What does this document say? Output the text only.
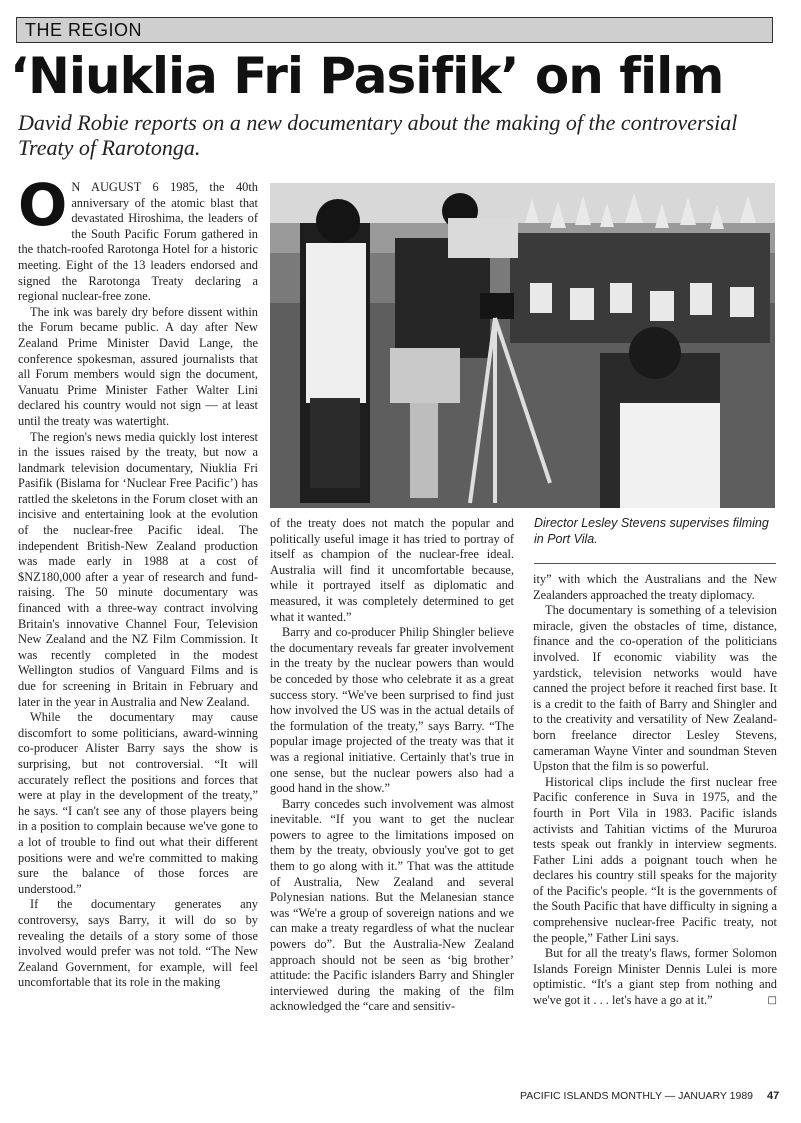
THE REGION
‘Niuklia Fri Pasifik’ on film

David Robie reports on a new documentary about the making of the controversial Treaty of Rarotonga.

O N AUGUST 6 1985, the 40th anniversary of the atomic blast that devastated Hiroshima, the leaders of the South Pacific Forum gathered in the thatch-roofed Rarotonga Hotel for a historic meeting. Eight of the 13 leaders endorsed and signed the Rarotonga Treaty declaring a regional nuclear-free zone.

The ink was barely dry before dissent within the Forum became public. A day after New Zealand Prime Minister David Lange, the conference spokesman, assured journalists that all Forum members would sign the document, Vanuatu Prime Minister Father Walter Lini declared his country would not sign — at least until the treaty was watertight.

The region's news media quickly lost interest in the issues raised by the treaty, but now a landmark television documentary, Niuklia Fri Pasifik (Bislama for ‘Nuclear Free Pacific’) has rattled the skeletons in the Forum closet with an incisive and entertaining look at the evolution of the nuclear-free Pacific ideal. The independent British-New Zealand production was made early in 1988 at a cost of $NZ180,000 after a year of research and fund-raising. The 50 minute documentary was financed with a three-way contract involving Britain's innovative Channel Four, Television New Zealand and the NZ Film Commission. It was recently completed in the modest Wellington studios of Vanguard Films and is due for screening in Britain in February and later in the year in Australia and New Zealand.

While the documentary may cause discomfort to some politicians, award-winning co-producer Alister Barry says the show is surprising, but not controversial. “It will accurately reflect the positions and forces that were at play in the development of the treaty,” he says. “I can't see any of those players being in a position to complain because we've gone to a lot of trouble to find out what their different positions were and we're committed to making sure the balance of those forces are understood.”

If the documentary generates any controversy, says Barry, it will do so by revealing the details of a story some of those involved would prefer was not told. “The New Zealand Government, for example, will feel uncomfortable that its role in the making

Director Lesley Stevens supervises filming in Port Vila.

of the treaty does not match the popular and politically useful image it has tried to portray of itself as champion of the nuclear-free ideal. Australia will find it uncomfortable because, while it portrayed itself as diplomatic and measured, it was completely determined to get what it wanted.”

Barry and co-producer Philip Shingler believe the documentary reveals far greater involvement in the treaty by the nuclear powers than would be conceded by those who celebrate it as a great success story. “We've been surprised to find just how involved the US was in the actual details of the formulation of the treaty,” says Barry. “The popular image projected of the treaty was that it was a regional initiative. Certainly that's true in one sense, but the nuclear powers also had a good hand in the show.”

Barry concedes such involvement was almost inevitable. “If you want to get the nuclear powers to agree to the limitations imposed on them by the treaty, obviously you've got to get them to go along with it.” That was the attitude of Australia, New Zealand and several Polynesian nations. But the Melanesian stance was “We're a group of sovereign nations and we can make a treaty regardless of what the nuclear powers do”. But the Australia-New Zealand approach should not be seen as ‘big brother’ attitude: the Pacific islanders Barry and Shingler interviewed during the making of the film acknowledged the “care and sensitiv-

ity” with which the Australians and the New Zealanders approached the treaty diplomacy.

The documentary is something of a television miracle, given the obstacles of time, distance, finance and the co-operation of the politicians involved. If economic viability was the yardstick, television networks would have canned the project before it reached first base. It is a credit to the faith of Barry and Shingler and to the creativity and versatility of New Zealand-born freelance director Lesley Stevens, cameraman Wayne Vinter and soundman Steven Upston that the film is so powerful.

Historical clips include the first nuclear free Pacific conference in Suva in 1975, and the fourth in Port Vila in 1983. Pacific islands activists and Tahitian victims of the Mururoa tests speak out frankly in interview segments. Father Lini adds a poignant touch when he declares his country still speaks for the majority of the Pacific's people. “It is the governments of the South Pacific that have difficulty in signing a comprehensive nuclear-free Pacific treaty, not the people,” Father Lini says.

But for all the treaty's flaws, former Solomon Islands Foreign Minister Dennis Lulei is more optimistic. “It's a giant step from nothing and we've got it . . . let's have a go at it.”	□

PACIFIC ISLANDS MONTHLY — JANUARY 1989 47
